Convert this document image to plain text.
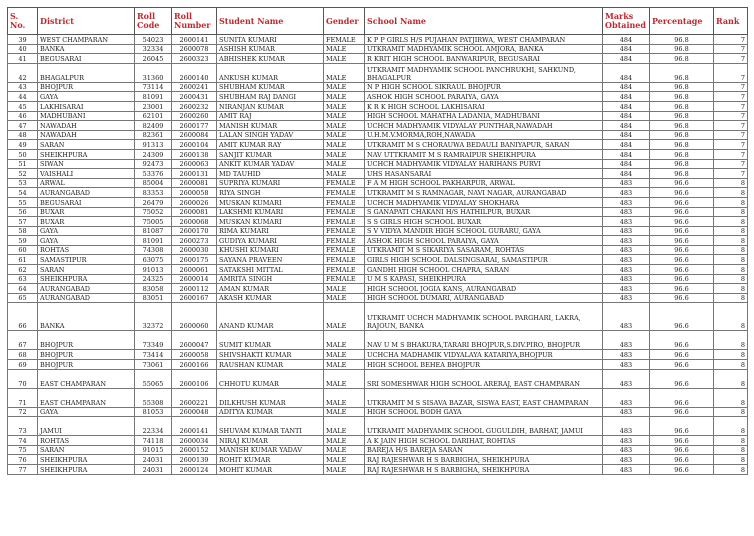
S. No.	District	Roll Code	Roll Number	Student Name	Gender	School Name	Marks Obtained	Percentage	Rank
39	WEST CHAMPARAN	54023	2600141	SUNITA KUMARI	FEMALE	K P P GIRLS H/S PUJAHAN PATJIRWA, WEST CHAMPARAN	484	96.8	7
40	BANKA	32334	2600078	ASHISH KUMAR	MALE	UTKRAMIT MADHYAMIK SCHOOL AMJORA, BANKA	484	96.8	7
41	BEGUSARAI	26045	2600323	ABHISHEK KUMAR	MALE	R KRIT HIGH SCHOOL BANWARIPUR, BEGUSARAI	484	96.8	7
42	BHAGALPUR	31360	2600140	ANKUSH KUMAR	MALE	UTKRAMIT MADHYAMIK SCHOOL PANCHRUKHI, SAHKUND, BHAGALPUR	484	96.8	7
43	BHOJPUR	73114	2600241	SHUBHAM KUMAR	MALE	N P HIGH SCHOOL SIKRAUL BHOJPUR	484	96.8	7
44	GAYA	81091	2600431	SHUBHAM RAJ DANGI	MALE	ASHOK HIGH SCHOOL PARAIYA, GAYA	484	96.8	7
45	LAKHISARAI	23001	2600232	NIRANJAN KUMAR	MALE	K R K HIGH SCHOOL LAKHISARAI	484	96.8	7
46	MADHUBANI	62101	2600260	AMIT RAJ	MALE	HIGH SCHOOL MAHATHA LADANIA, MADHUBANI	484	96.8	7
47	NAWADAH	82409	2600177	MANISH KUMAR	MALE	UCHCH MADHYAMIK VIDYALAY PUNTHAR,NAWADAH	484	96.8	7
48	NAWADAH	82361	2600084	LALAN SINGH YADAV	MALE	U.H.M.V.MORMA,ROH,NAWADA	484	96.8	7
49	SARAN	91313	2600104	AMIT KUMAR RAY	MALE	UTKRAMIT M S CHORAUWA BEDAULI BANIYAPUR, SARAN	484	96.8	7
50	SHEIKHPURA	24309	2600138	SANJIT KUMAR	MALE	NAV UTTKRAMIT M S RAMRAIPUR SHEIKHPURA	484	96.8	7
51	SIWAN	92473	2600063	ANKIT KUMAR YADAV	MALE	UCHCH MADHYAMIK VIDYALAY HARIHANS PURVI	484	96.8	7
52	VAISHALI	53376	2600131	MD TAUHID	MALE	UHS HASANSARAI	484	96.8	7
53	ARWAL	85004	2600081	SUPRIYA KUMARI	FEMALE	F A M HIGH SCHOOL PAKHARPUR, ARWAL	483	96.6	8
54	AURANGABAD	83353	2600058	RIYA SINGH	FEMALE	UTKRAMIT M S RAMNAGAR, NAVI NAGAR, AURANGABAD	483	96.6	8
55	BEGUSARAI	26479	2600026	MUSKAN KUMARI	FEMALE	UCHCH MADHYAMIK VIDYALAY SHOKHARA	483	96.6	8
56	BUXAR	75052	2600081	LAKSHMI KUMARI	FEMALE	S GANAPATI CHAKANI H/S HATHILPUR, BUXAR	483	96.6	8
57	BUXAR	75005	2600068	MUSKAN KUMARI	FEMALE	S S GIRLS HIGH SCHOOL BUXAR	483	96.6	8
58	GAYA	81087	2600170	RIMA KUMARI	FEMALE	S V VIDYA MANDIR HIGH SCHOOL GURARU, GAYA	483	96.6	8
59	GAYA	81091	2600273	GUDIYA KUMARI	FEMALE	ASHOK HIGH SCHOOL PARAIYA, GAYA	483	96.6	8
60	ROHTAS	74308	2600030	KHUSHI KUMARI	FEMALE	UTKRAMIT M S SIKARIYA SASARAM, ROHTAS	483	96.6	8
61	SAMASTIPUR	63075	2600175	SAYANA PRAVEEN	FEMALE	GIRLS HIGH SCHOOL DALSINGSARAI, SAMASTIPUR	483	96.6	8
62	SARAN	91013	2600061	SATAKSHI MITTAL	FEMALE	GANDHI HIGH SCHOOL CHAPRA, SARAN	483	96.6	8
63	SHEIKHPURA	24325	2600014	AMRITA SINGH	FEMALE	U M S KAPASI, SHEIKHPURA	483	96.6	8
64	AURANGABAD	83058	2600112	AMAN KUMAR	MALE	HIGH SCHOOL JOGIA KANS, AURANGABAD	483	96.6	8
65	AURANGABAD	83051	2600167	AKASH KUMAR	MALE	HIGH SCHOOL DUMARI, AURANGABAD	483	96.6	8
66	BANKA	32372	2600060	ANAND KUMAR	MALE	UTKRAMIT UCHCH MADHYAMIK SCHOOL PARGHARI, LAKRA, RAJOUN, BANKA	483	96.6	8
67	BHOJPUR	73349	2600047	SUMIT KUMAR	MALE	NAV U M S BHAKURA,TARARI BHOJPUR,S.DIV.PIRO, BHOJPUR	483	96.6	8
68	BHOJPUR	73414	2600058	SHIVSHAKTI KUMAR	MALE	UCHCHA MADHAMIK VIDYALAYA KATARIYA,BHOJPUR	483	96.6	8
69	BHOJPUR	73061	2600166	RAUSHAN KUMAR	MALE	HIGH SCHOOL BEHEA BHOJPUR	483	96.6	8
70	EAST CHAMPARAN	55065	2600106	CHHOTU KUMAR	MALE	SRI SOMESHWAR HIGH SCHOOL ARERAJ, EAST CHAMPARAN	483	96.6	8
71	EAST CHAMPARAN	55308	2600221	DILKHUSH KUMAR	MALE	UTKRAMIT M S SISAVA BAZAR, SISWA EAST, EAST CHAMPARAN	483	96.6	8
72	GAYA	81053	2600048	ADITYA KUMAR	MALE	HIGH SCHOOL BODH GAYA	483	96.6	8
73	JAMUI	22334	2600141	SHUVAM KUMAR TANTI	MALE	UTKRAMIT MADHYAMIK SCHOOL GUGULDIH, BARHAT, JAMUI	483	96.6	8
74	ROHTAS	74118	2600034	NIRAJ KUMAR	MALE	A K JAIN HIGH SCHOOL DARIHAT, ROHTAS	483	96.6	8
75	SARAN	91015	2600152	MANISH KUMAR YADAV	MALE	BAREJA H/S BAREJA SARAN	483	96.6	8
76	SHEIKHPURA	24031	2600139	ROHIT KUMAR	MALE	RAJ RAJESHWAR H S BARBIGHA, SHEIKHPURA	483	96.6	8
77	SHEIKHPURA	24031	2600124	MOHIT KUMAR	MALE	RAJ RAJESHWAR H S BARBIGHA, SHEIKHPURA	483	96.6	8
